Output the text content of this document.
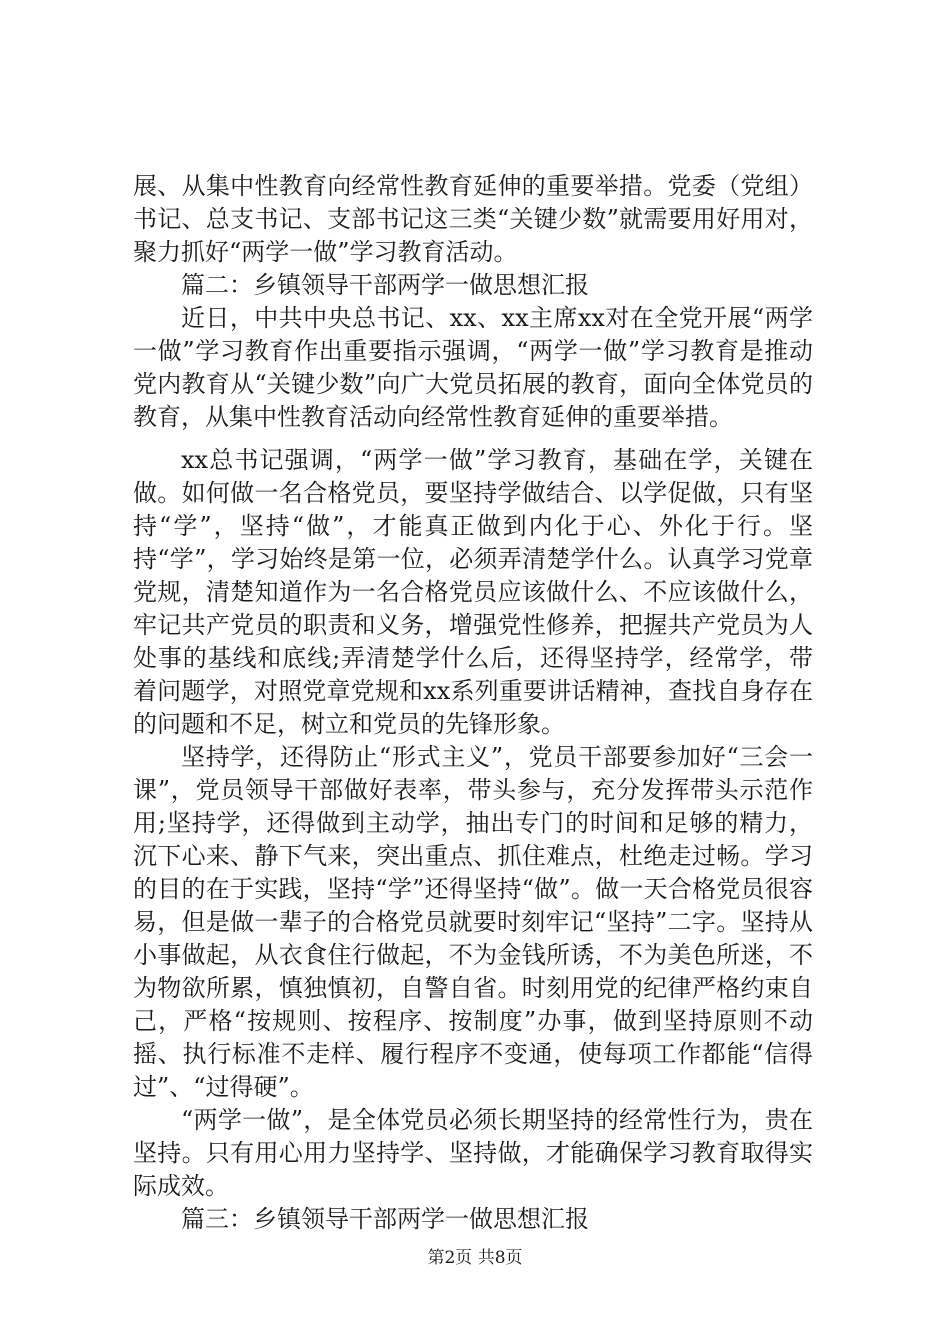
展、从集中性教育向经常性教育延伸的重要举措。党委（党组）书记、总支书记、支部书记这三类“关键少数”就需要用好用对，聚力抓好“两学一做”学习教育活动。

篇二：乡镇领导干部两学一做思想汇报

近日，中共中央总书记、xx、xx主席xx对在全党开展“两学一做”学习教育作出重要指示强调，“两学一做”学习教育是推动党内教育从“关键少数”向广大党员拓展的教育，面向全体党员的教育，从集中性教育活动向经常性教育延伸的重要举措。

xx总书记强调，“两学一做”学习教育，基础在学，关键在做。如何做一名合格党员，要坚持学做结合、以学促做，只有坚持“学”，坚持“做”，才能真正做到内化于心、外化于行。坚持“学”，学习始终是第一位，必须弄清楚学什么。认真学习党章党规，清楚知道作为一名合格党员应该做什么、不应该做什么，牢记共产党员的职责和义务，增强党性修养，把握共产党员为人处事的基线和底线;弄清楚学什么后，还得坚持学，经常学，带着问题学，对照党章党规和xx系列重要讲话精神，查找自身存在的问题和不足，树立和党员的先锋形象。

坚持学，还得防止“形式主义”，党员干部要参加好“三会一课”，党员领导干部做好表率，带头参与，充分发挥带头示范作用;坚持学，还得做到主动学，抽出专门的时间和足够的精力，沉下心来、静下气来，突出重点、抓住难点，杜绝走过畅。学习的目的在于实践，坚持“学”还得坚持“做”。做一天合格党员很容易，但是做一辈子的合格党员就要时刻牢记“坚持”二字。坚持从小事做起，从衣食住行做起，不为金钱所诱，不为美色所迷，不为物欲所累，慎独慎初，自警自省。时刻用党的纪律严格约束自己，严格“按规则、按程序、按制度”办事，做到坚持原则不动摇、执行标准不走样、履行程序不变通，使每项工作都能“信得过”、“过得硬”。

“两学一做”，是全体党员必须长期坚持的经常性行为，贵在坚持。只有用心用力坚持学、坚持做，才能确保学习教育取得实际成效。

篇三：乡镇领导干部两学一做思想汇报

第2页 共8页
